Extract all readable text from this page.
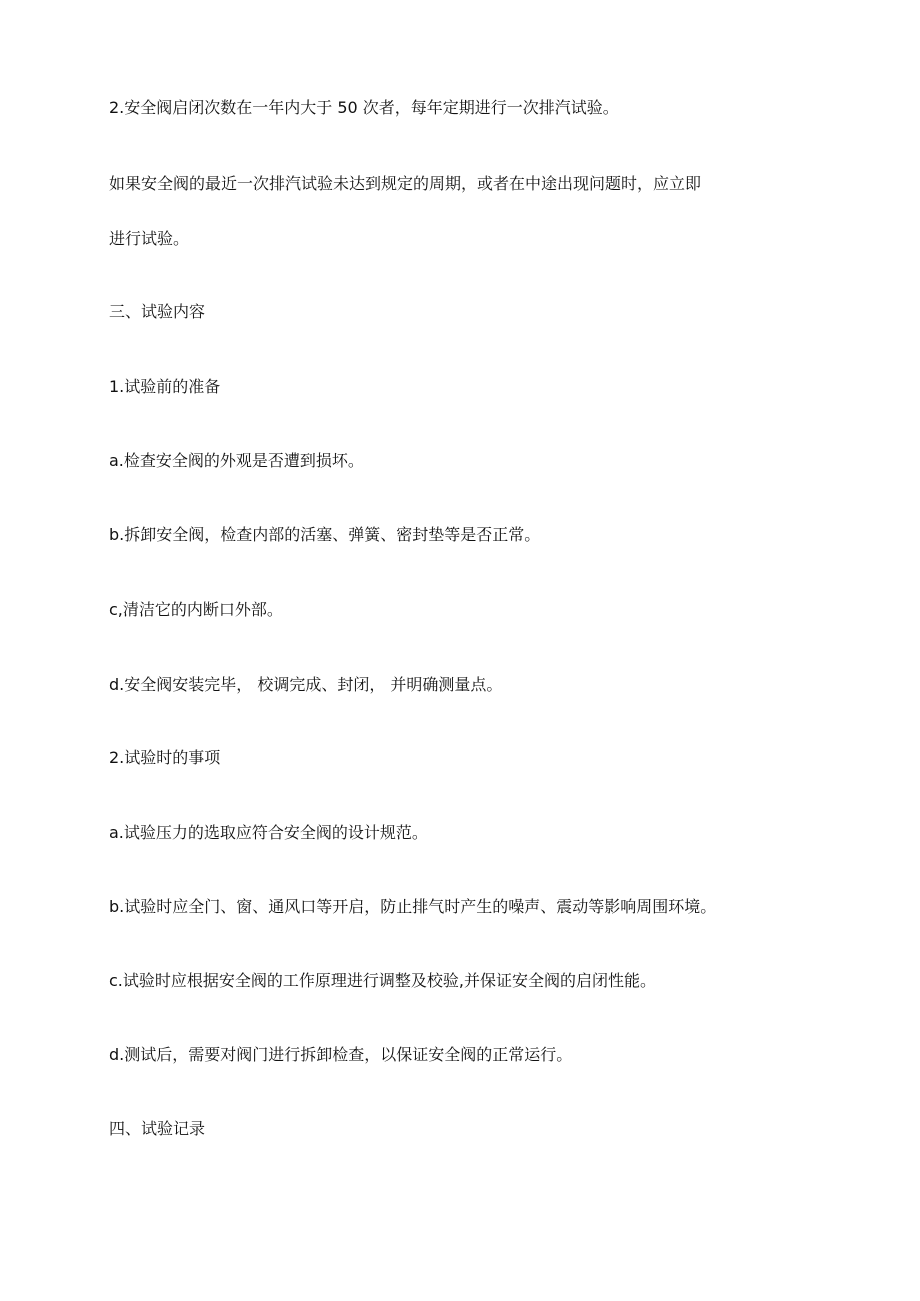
2.安全阀启闭次数在一年内大于 50 次者，每年定期进行一次排汽试验。
如果安全阀的最近一次排汽试验未达到规定的周期，或者在中途出现问题时，应立即
进行试验。
三、试验内容
1.试验前的准备
a.检查安全阀的外观是否遭到损坏。
b.拆卸安全阀，检查内部的活塞、弹簧、密封垫等是否正常。
c,清洁它的内断口外部。
d.安全阀安装完毕， 校调完成、封闭， 并明确测量点。
2.试验时的事项
a.试验压力的选取应符合安全阀的设计规范。
b.试验时应全门、窗、通风口等开启，防止排气时产生的噪声、震动等影响周围环境。
c.试验时应根据安全阀的工作原理进行调整及校验,并保证安全阀的启闭性能。
d.测试后，需要对阀门进行拆卸检查，以保证安全阀的正常运行。
四、试验记录
